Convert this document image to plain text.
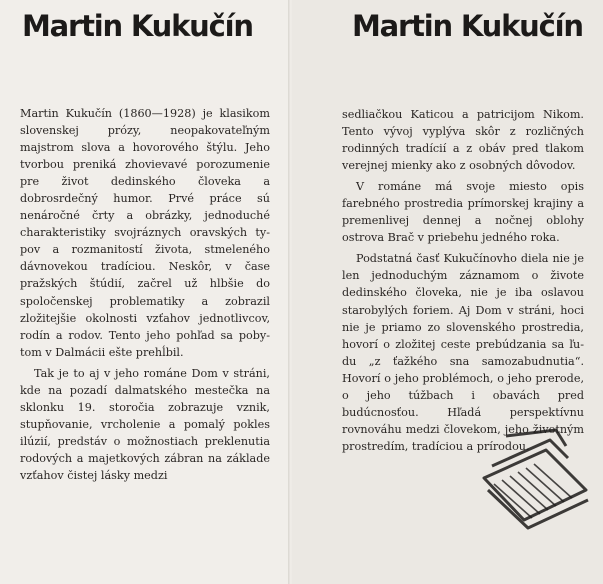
Martin Kukučín

Martin Kukučín (1860—1928) je klasikom slovenskej prózy, neopakovateľným majstrom slova a hovorového štýlu. Jeho tvorbou preniká zhovievavé porozumenie pre život dedinského človeka a dobrosrdečný humor. Prvé práce sú nenáročné črty a obrázky, jednoduché charakteristiky svojráznych oravských typov a rozmanitostí života, stmeleného dávnovekou tradíciou. Neskôr, v čase pražských štúdií, začrel už hlbšie do spoločenskej problematiky a zobrazil zložitejšie okolnosti vzťahov jednotlivcov, rodín a rodov. Tento jeho pohľad sa pobytom v Dalmácii ešte prehĺbil.

Tak je to aj v jeho románe Dom v stráni, kde na pozadí dalmatského mestečka na sklonku 19. storočia zobrazuje vznik, stupňovanie, vrcholenie a pomalý pokles ilúzií, predstáv o možnostiach preklenutia rodových a majetkových zábran na základe vzťahov čistej lásky medzi

Martin Kukučín

sedliačkou Katicou a patricijom Nikom. Tento vývoj vyplýva skôr z rozličných rodinných tradícií a z obáv pred tlakom verejnej mienky ako z osobných dôvodov.

V románe má svoje miesto opis farebného prostredia prímorskej krajiny a premenlivej dennej a nočnej oblohy ostrova Brač v priebehu jedného roka.

Podstatná časť Kukučínovho diela nie je len jednoduchým záznamom o živote dedinského človeka, nie je iba oslavou starobylých foriem. Aj Dom v stráni, hoci nie je priamo zo slovenského prostredia, hovorí o zložitej ceste prebúdzania sa ľudu „z ťažkého sna samozabudnutia“. Hovorí o jeho problémoch, o jeho prerode, o jeho túžbach i obavách pred budúcnosťou. Hľadá perspektívnu rovnováhu medzi človekom, jeho životným prostredím, tradíciou a prírodou.
